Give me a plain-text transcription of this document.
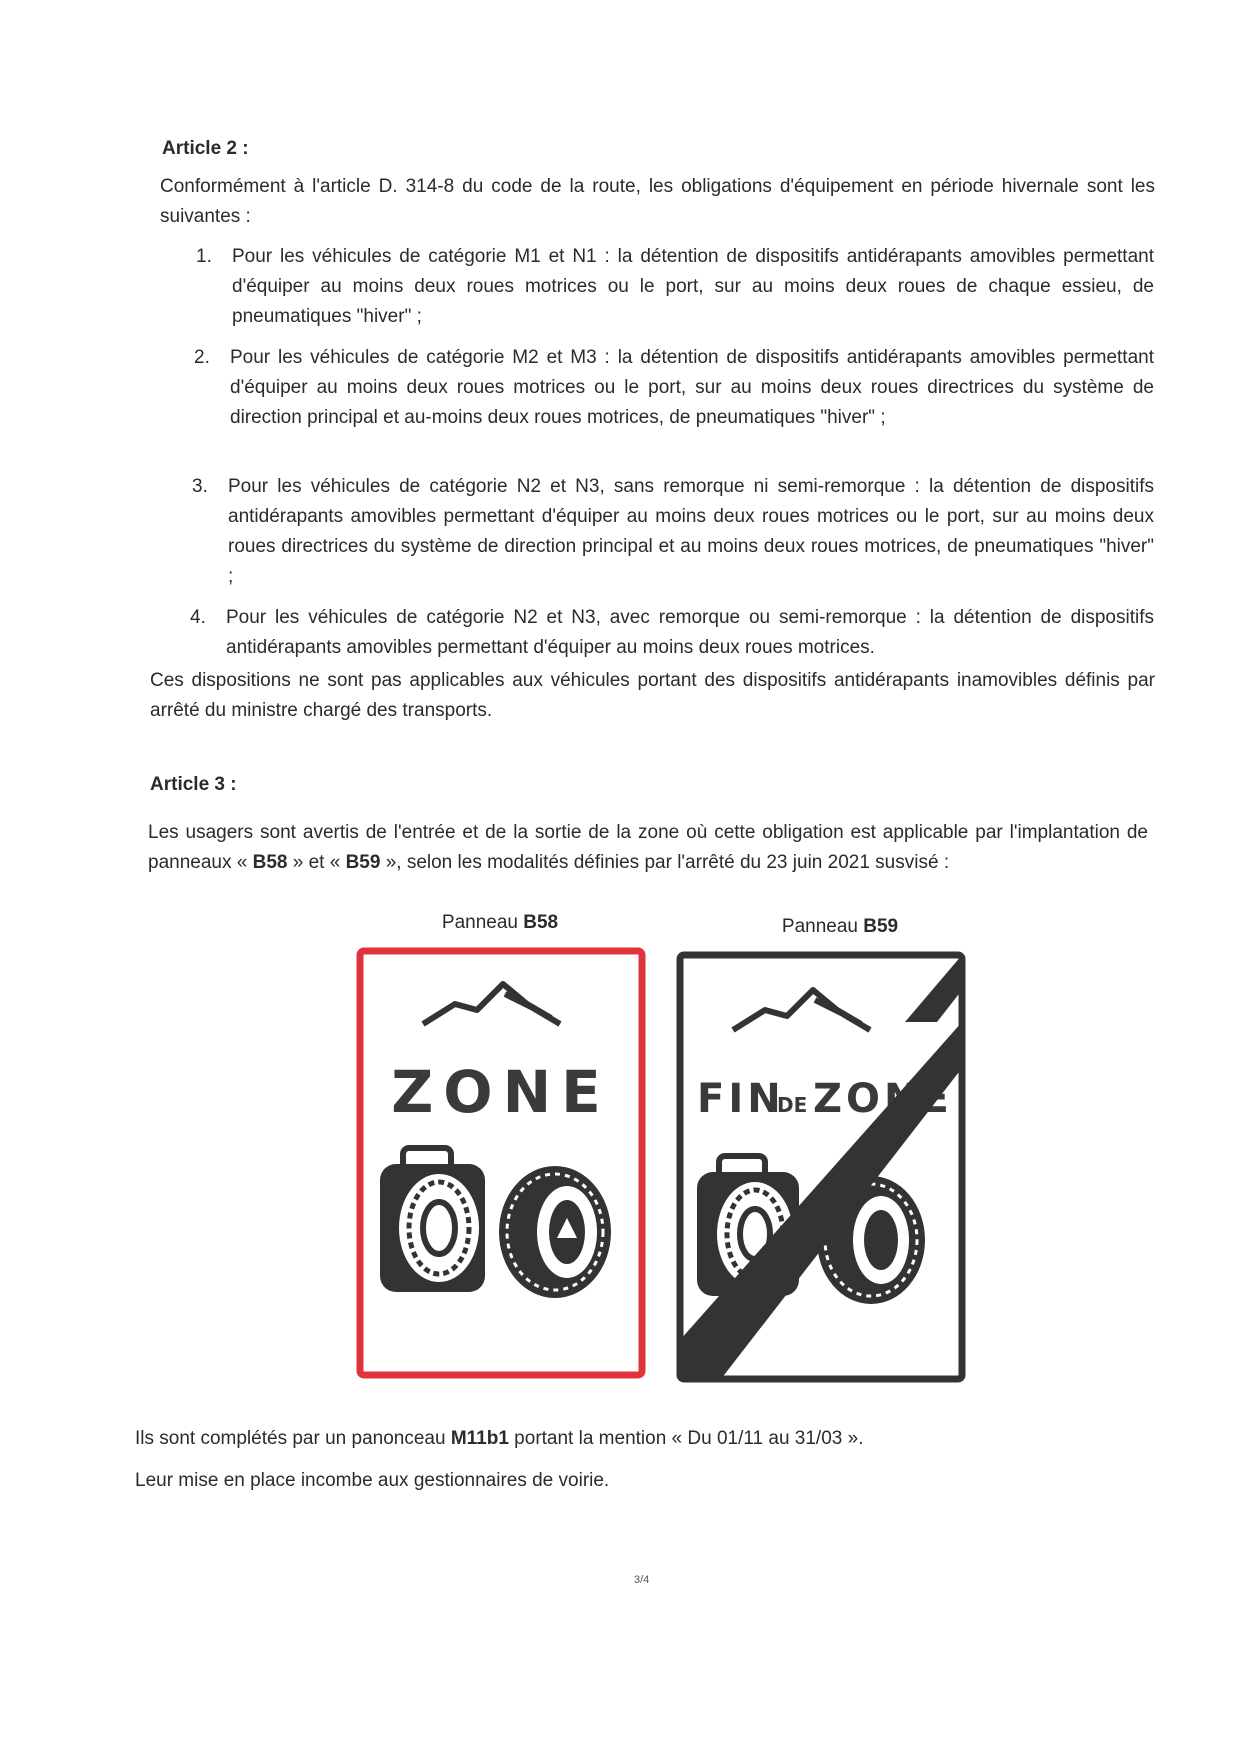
Article 2 :
Conformément à l'article D. 314-8 du code de la route, les obligations d'équipement en période hivernale sont les suivantes :
1. Pour les véhicules de catégorie M1 et N1 : la détention de dispositifs antidérapants amovibles permettant d'équiper au moins deux roues motrices ou le port, sur au moins deux roues de chaque essieu, de pneumatiques "hiver" ;
2. Pour les véhicules de catégorie M2 et M3 : la détention de dispositifs antidérapants amovibles permettant d'équiper au moins deux roues motrices ou le port, sur au moins deux roues directrices du système de direction principal et au-moins deux roues motrices, de pneumatiques "hiver" ;
3. Pour les véhicules de catégorie N2 et N3, sans remorque ni semi-remorque : la détention de dispositifs antidérapants amovibles permettant d'équiper au moins deux roues motrices ou le port, sur au moins deux roues directrices du système de direction principal et au moins deux roues motrices, de pneumatiques "hiver" ;
4. Pour les véhicules de catégorie N2 et N3, avec remorque ou semi-remorque : la détention de dispositifs antidérapants amovibles permettant d'équiper au moins deux roues motrices.
Ces dispositions ne sont pas applicables aux véhicules portant des dispositifs antidérapants inamovibles définis par arrêté du ministre chargé des transports.
Article 3 :
Les usagers sont avertis de l'entrée et de la sortie de la zone où cette obligation est applicable par l'implantation de panneaux « B58 » et « B59 », selon les modalités définies par l'arrêté du 23 juin 2021 susvisé :
Panneau B58	Panneau B59
ZONE FIN
DE ZONE
Ils sont complétés par un panonceau M11b1 portant la mention « Du 01/11 au 31/03 ».
Leur mise en place incombe aux gestionnaires de voirie.
3/4
